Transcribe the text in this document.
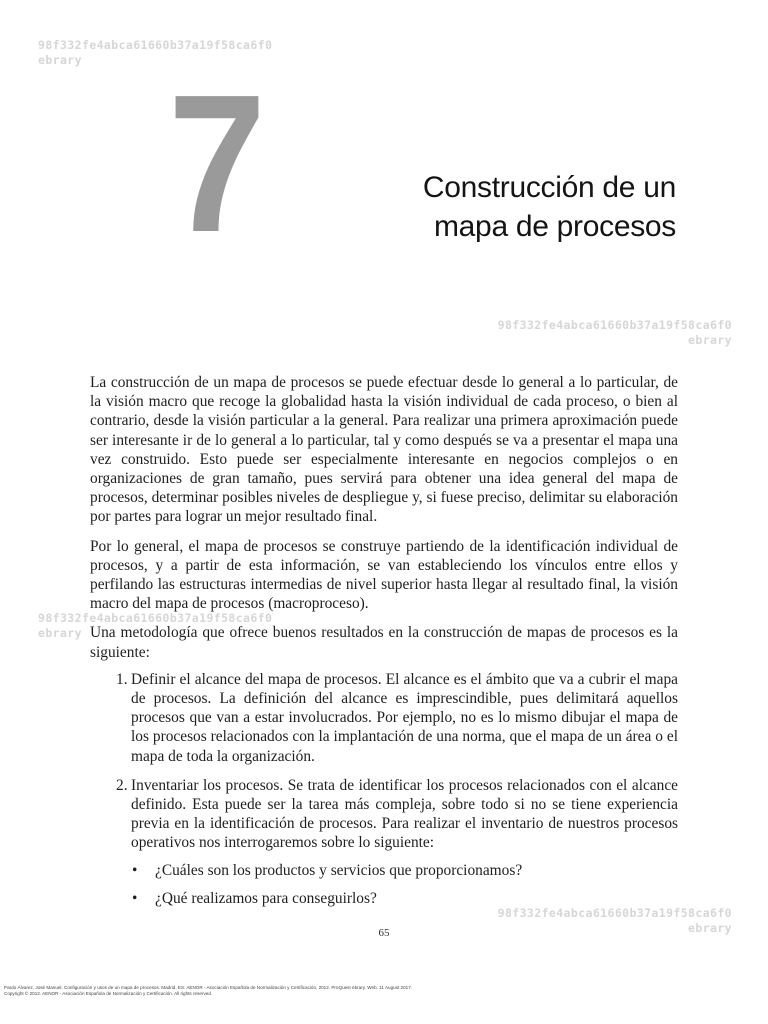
98f332fe4abca61660b37a19f58ca6f0
ebrary 7	Construcción de un
mapa de procesos
98f332fe4abca61660b37a19f58ca6f0
ebrary
98f332fe4abca61660b37a19f58ca6f0
ebrary

La construcción de un mapa de procesos se puede efectuar desde lo general a lo particular, de la visión macro que recoge la globalidad hasta la visión individual de cada proceso, o bien al contrario, desde la visión particular a la general. Para realizar una primera aproximación puede ser interesante ir de lo general a lo particular, tal y como después se va a presentar el mapa una vez construido. Esto puede ser especialmente interesante en negocios complejos o en organizaciones de gran tamaño, pues servirá para obtener una idea general del mapa de procesos, determinar posibles niveles de despliegue y, si fuese preciso, delimitar su elaboración por partes para lograr un mejor resultado final.

Por lo general, el mapa de procesos se construye partiendo de la identificación individual de procesos, y a partir de esta información, se van estableciendo los vínculos entre ellos y perfilando las estructuras intermedias de nivel superior hasta llegar al resultado final, la visión macro del mapa de procesos (macroproceso).

Una metodología que ofrece buenos resultados en la construcción de mapas de procesos es la siguiente:

1. Definir el alcance del mapa de procesos. El alcance es el ámbito que va a cubrir el mapa de procesos. La definición del alcance es imprescindible, pues delimitará aquellos procesos que van a estar involucrados. Por ejemplo, no es lo mismo dibujar el mapa de los procesos relacionados con la implantación de una norma, que el mapa de un área o el mapa de toda la organización.
2. Inventariar los procesos. Se trata de identificar los procesos relacionados con el alcance definido. Esta puede ser la tarea más compleja, sobre todo si no se tiene experiencia previa en la identificación de procesos. Para realizar el inventario de nuestros procesos operativos nos interrogaremos sobre lo siguiente:
• ¿Cuáles son los productos y servicios que proporcionamos?
• ¿Qué realizamos para conseguirlos?
98f332fe4abca61660b37a19f58ca6f0
ebrary
65
Pardo Álvarez, José Manuel. Configuración y usos de un mapa de procesos. Madrid, ES: AENOR - Asociación Española de Normalización y Certificación, 2012. ProQuest ebrary. Web. 11 August 2017.
Copyright © 2012. AENOR - Asociación Española de Normalización y Certificación. All rights reserved.
